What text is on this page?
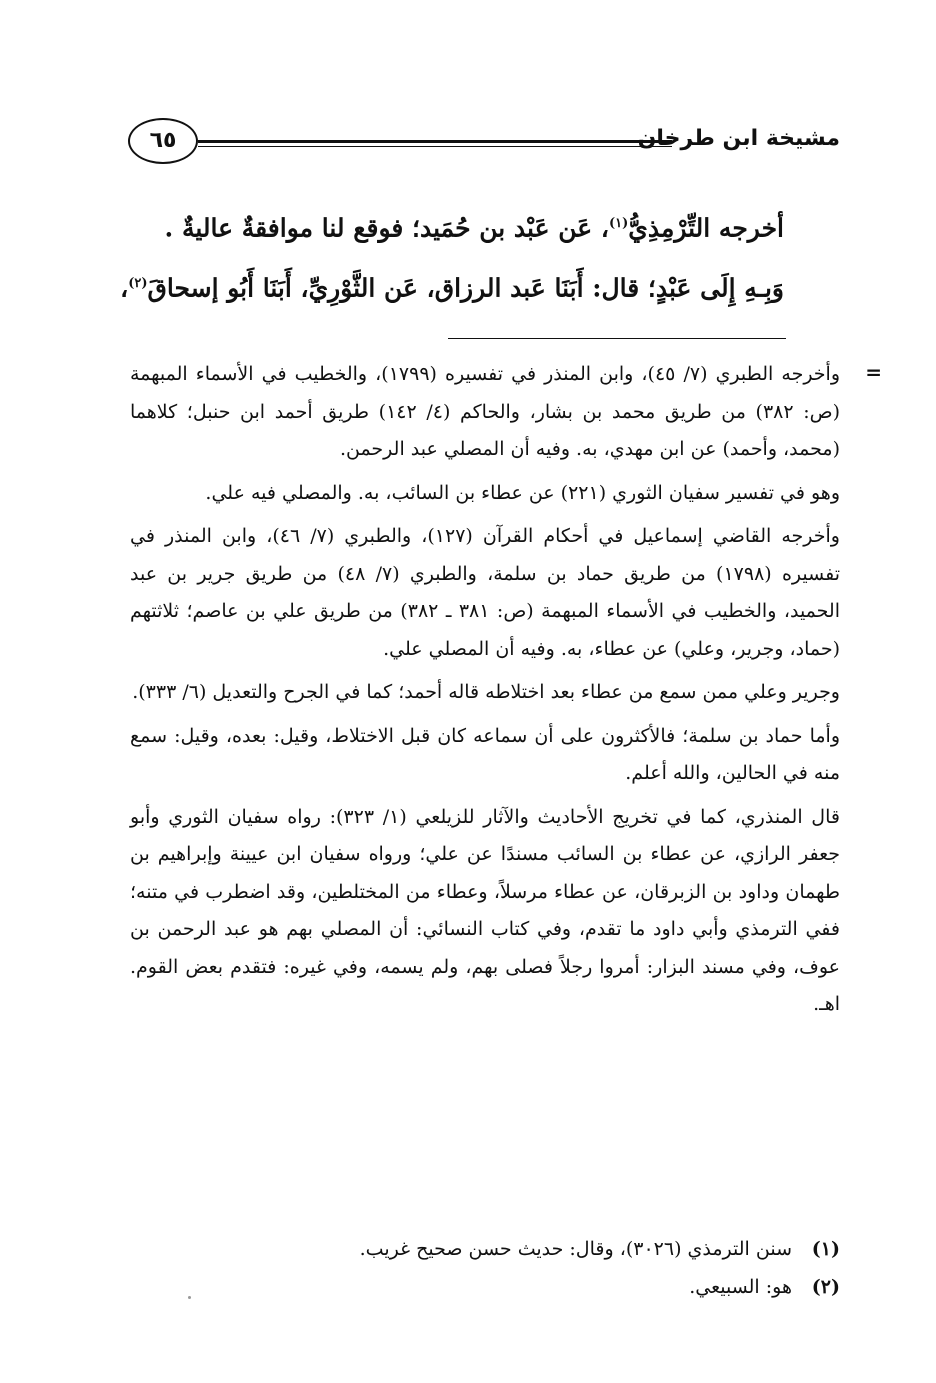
مشيخة ابن طرخان
٦٥

أخرجه التِّرْمِذِيُّ$^{(١)}$، عَن عَبْد بن حُمَيد؛ فوقع لنا موافقةٌ عاليةٌ .

وَبِـهِ إِلَى عَبْدٍ؛ قال: أَبَنَا عَبد الرزاق، عَن الثَّوْرِيِّ، أَبَنَا أَبُو إسحاقَ$^{(٢)}$،

=

وأخرجه الطبري (٧/ ٤٥)، وابن المنذر في تفسيره (١٧٩٩)، والخطيب في الأسماء المبهمة (ص: ٣٨٢) من طريق محمد بن بشار، والحاكم (٤/ ١٤٢) طريق أحمد ابن حنبل؛ كلاهما (محمد، وأحمد) عن ابن مهدي، به. وفيه أن المصلي عبد الرحمن.

وهو في تفسير سفيان الثوري (٢٢١) عن عطاء بن السائب، به. والمصلي فيه علي.

وأخرجه القاضي إسماعيل في أحكام القرآن (١٢٧)، والطبري (٧/ ٤٦)، وابن المنذر في تفسيره (١٧٩٨) من طريق حماد بن سلمة، والطبري (٧/ ٤٨) من طريق جرير بن عبد الحميد، والخطيب في الأسماء المبهمة (ص: ٣٨١ ـ ٣٨٢) من طريق علي بن عاصم؛ ثلاثتهم (حماد، وجرير، وعلي) عن عطاء، به. وفيه أن المصلي علي.

وجرير وعلي ممن سمع من عطاء بعد اختلاطه قاله أحمد؛ كما في الجرح والتعديل (٦/ ٣٣٣).

وأما حماد بن سلمة؛ فالأكثرون على أن سماعه كان قبل الاختلاط، وقيل: بعده، وقيل: سمع منه في الحالين، والله أعلم.

قال المنذري، كما في تخريج الأحاديث والآثار للزيلعي (١/ ٣٢٣): رواه سفيان الثوري وأبو جعفر الرازي، عن عطاء بن السائب مسندًا عن علي؛ ورواه سفيان ابن عيينة وإبراهيم بن طهمان وداود بن الزبرقان، عن عطاء مرسلاً، وعطاء من المختلطين، وقد اضطرب في متنه؛ ففي الترمذي وأبي داود ما تقدم، وفي كتاب النسائي: أن المصلي بهم هو عبد الرحمن بن عوف، وفي مسند البزار: أمروا رجلاً فصلى بهم، ولم يسمه، وفي غيره: فتقدم بعض القوم. اهـ.

(١)سنن الترمذي (٣٠٢٦)، وقال: حديث حسن صحيح غريب.
(٢)هو: السبيعي.
